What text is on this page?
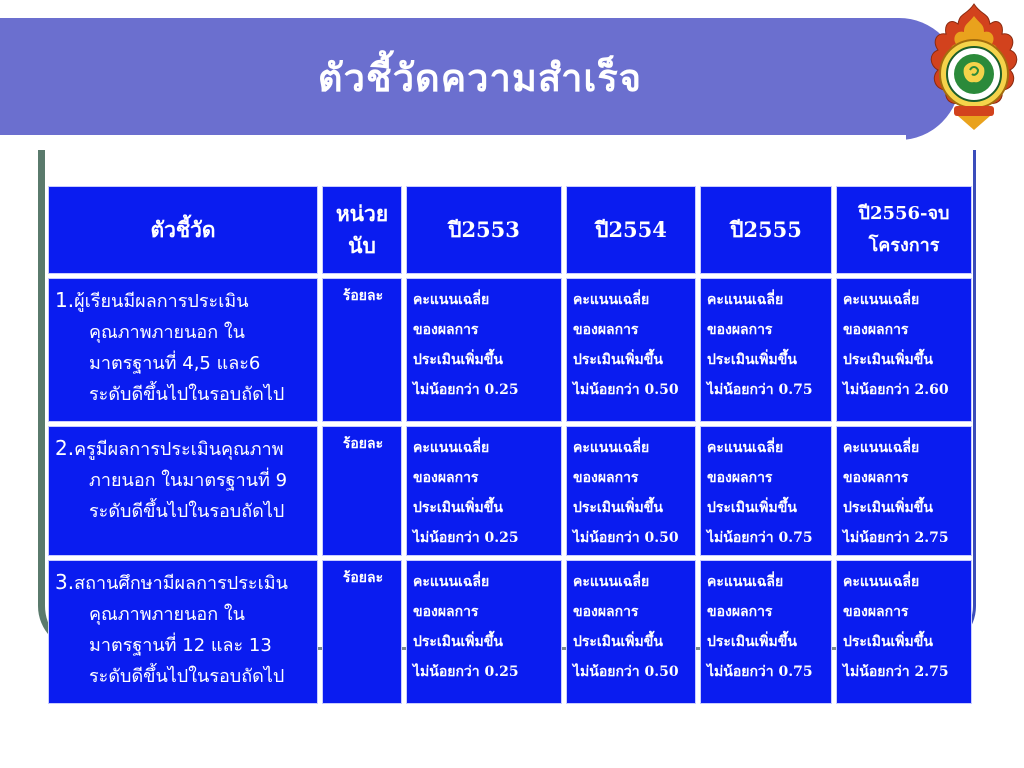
ตัวชี้วัดความสำเร็จ
ตัวชี้วัด	หน่วยนับ	ปี2553	ปี2554	ปี2555	ปี2556-จบโครงการ
1.ผู้เรียนมีผลการประเมิน
คุณภาพภายนอก ใน
มาตรฐานที่ 4,5 และ6
ระดับดีขึ้นไปในรอบถัดไป	ร้อยละ	คะแนนเฉลี่ย
ของผลการ
ประเมินเพิ่มขึ้น
ไม่น้อยกว่า 0.25	คะแนนเฉลี่ย
ของผลการ
ประเมินเพิ่มขึ้น
ไม่น้อยกว่า 0.50	คะแนนเฉลี่ย
ของผลการ
ประเมินเพิ่มขึ้น
ไม่น้อยกว่า 0.75	คะแนนเฉลี่ย
ของผลการ
ประเมินเพิ่มขึ้น
ไม่น้อยกว่า 2.60

2.ครูมีผลการประเมินคุณภาพ
ภายนอก ในมาตรฐานที่ 9
ระดับดีขึ้นไปในรอบถัดไป	ร้อยละ	คะแนนเฉลี่ย
ของผลการ
ประเมินเพิ่มขึ้น
ไม่น้อยกว่า 0.25	คะแนนเฉลี่ย
ของผลการ
ประเมินเพิ่มขึ้น
ไม่น้อยกว่า 0.50	คะแนนเฉลี่ย
ของผลการ
ประเมินเพิ่มขึ้น
ไม่น้อยกว่า 0.75	คะแนนเฉลี่ย
ของผลการ
ประเมินเพิ่มขึ้น
ไม่น้อยกว่า 2.75

3.สถานศึกษามีผลการประเมิน
คุณภาพภายนอก ใน
มาตรฐานที่ 12 และ 13
ระดับดีขึ้นไปในรอบถัดไป	ร้อยละ	คะแนนเฉลี่ย
ของผลการ
ประเมินเพิ่มขึ้น
ไม่น้อยกว่า 0.25	คะแนนเฉลี่ย
ของผลการ
ประเมินเพิ่มขึ้น
ไม่น้อยกว่า 0.50	คะแนนเฉลี่ย
ของผลการ
ประเมินเพิ่มขึ้น
ไม่น้อยกว่า 0.75	คะแนนเฉลี่ย
ของผลการ
ประเมินเพิ่มขึ้น
ไม่น้อยกว่า 2.75
